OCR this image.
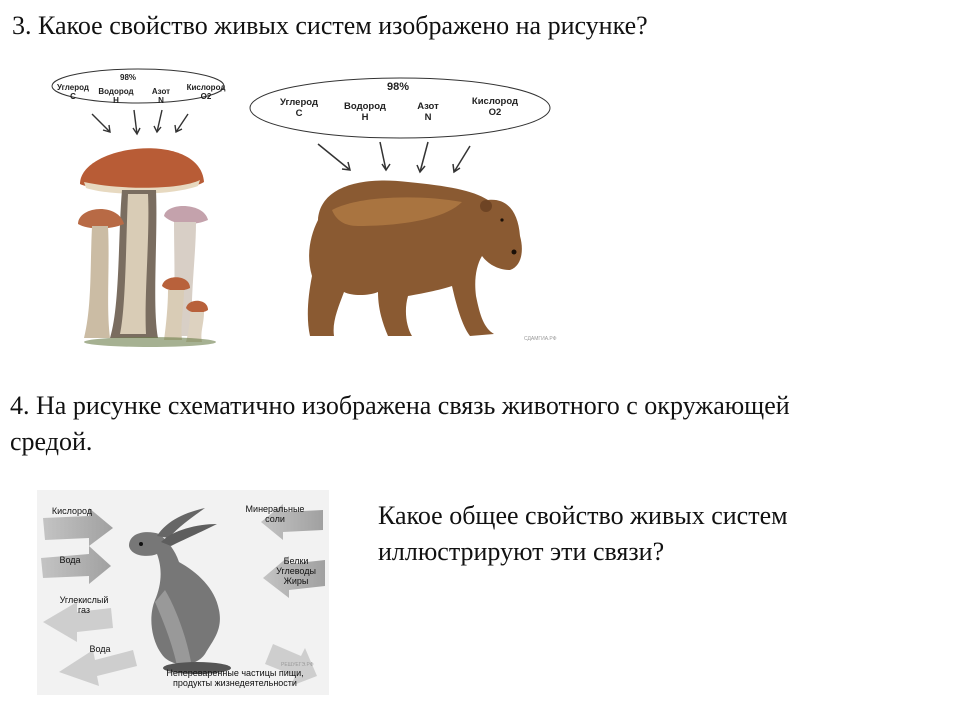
3. Какое свойство живых систем изображено на рисунке?
98%
Углерод
C
Водород
H
Азот
N
Кислород
O2
98%
Углерод
C
Водород
H
Азот
N
Кислород
O2
СДАМГИА.РФ

4. На рисунке схематично изображена связь животного с окружающей средой.

Кислород
Вода
Углекислый газ
Вода
Минеральные соли
Белки Углеводы Жиры
Непереваренные частицы пищи, продукты жизнедеятельности
РЕШУЕГЭ.РФ

Какое общее свойство живых систем иллюстрируют эти связи?
